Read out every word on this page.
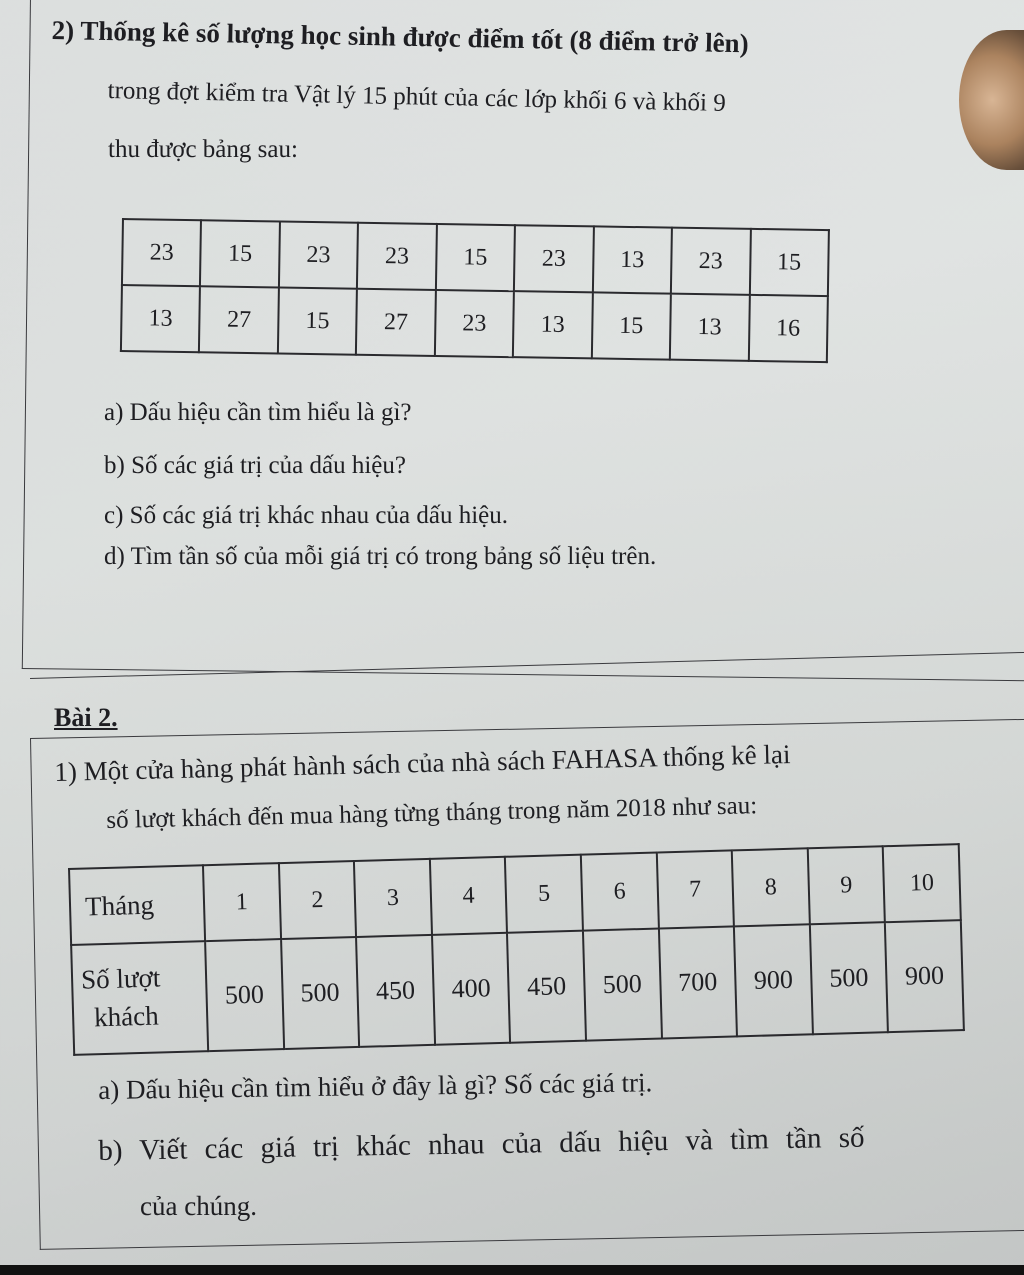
2) Thống kê số lượng học sinh được điểm tốt (8 điểm trở lên)
trong đợt kiểm tra Vật lý 15 phút của các lớp khối 6 và khối 9
thu được bảng sau:
23	15	23	23	15	23	13	23	15
13	27	15	27	23	13	15	13	16
a) Dấu hiệu cần tìm hiểu là gì?
b) Số các giá trị của dấu hiệu?
c) Số các giá trị khác nhau của dấu hiệu.
d) Tìm tần số của mỗi giá trị có trong bảng số liệu trên.
Bài 2.
1) Một cửa hàng phát hành sách của nhà sách FAHASA thống kê lại
số lượt khách đến mua hàng từng tháng trong năm 2018 như sau:
Tháng	1	2	3	4	5	6	7	8	9	10

Số lượt
khách	500	500	450	400	450	500	700	900	500	900
a) Dấu hiệu cần tìm hiểu ở đây là gì? Số các giá trị.
b) Viết các giá trị khác nhau của dấu hiệu và tìm tần số
của chúng.
